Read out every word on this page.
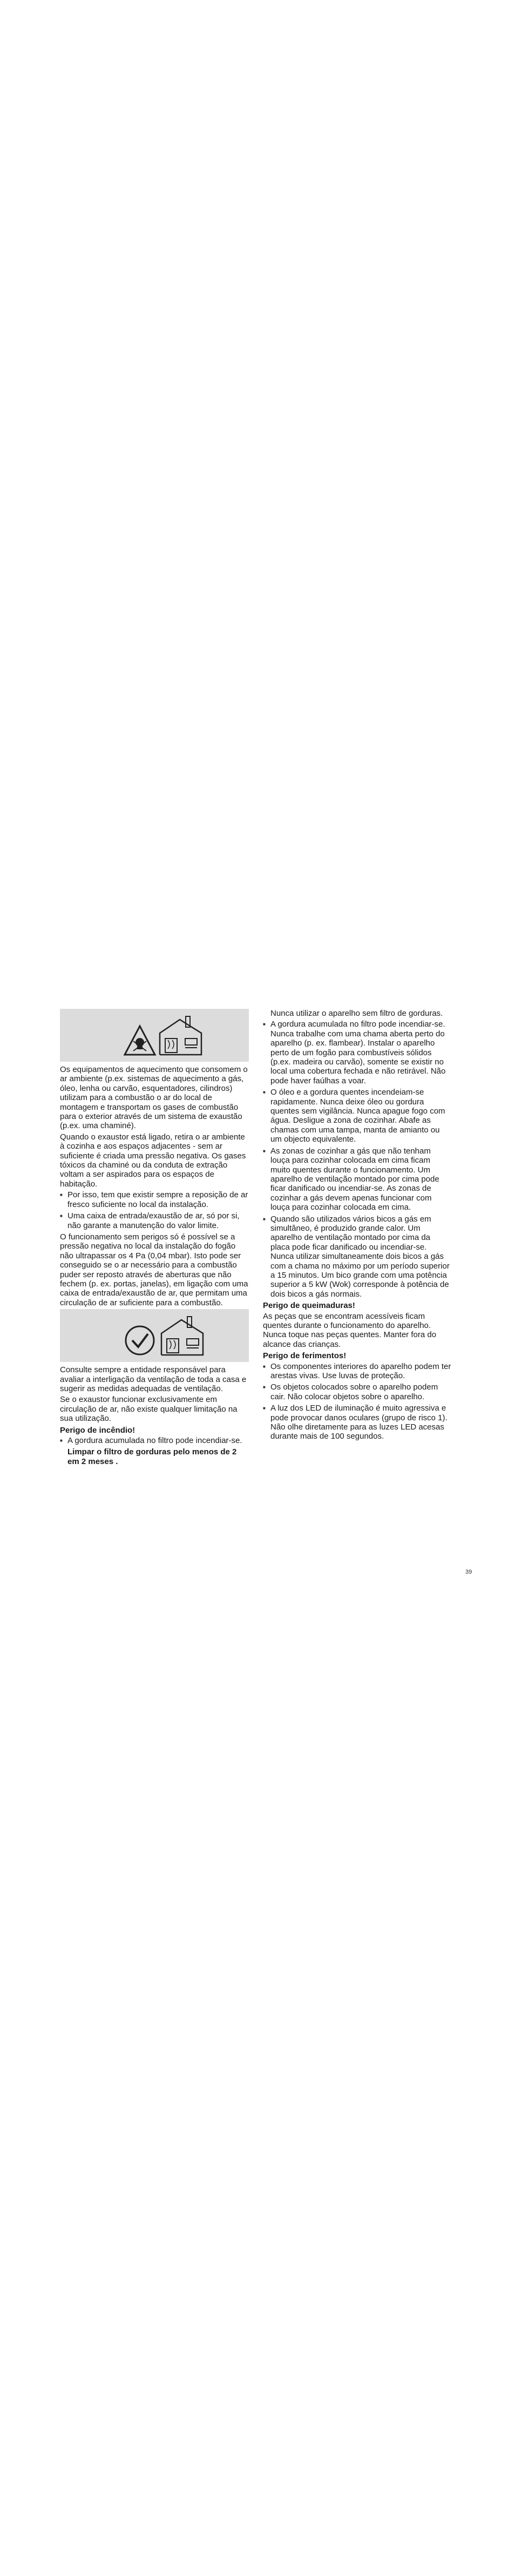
Os equipamentos de aquecimento que consomem o ar ambiente (p.ex. sistemas de aquecimento a gás, óleo, lenha ou carvão, esquentadores, cilindros) utilizam para a combustão o ar do local de montagem e transportam os gases de combustão para o exterior através de um sistema de exaustão (p.ex. uma chaminé).

Quando o exaustor está ligado, retira o ar ambiente à cozinha e aos espaços adjacentes - sem ar suficiente é criada uma pressão negativa. Os gases tóxicos da chaminé ou da conduta de extração voltam a ser aspirados para os espaços de habitação.

■ Por isso, tem que existir sempre a reposição de ar fresco suficiente no local da instalação.
■ Uma caixa de entrada/exaustão de ar, só por si, não garante a manutenção do valor limite.

O funcionamento sem perigos só é possível se a pressão negativa no local da instalação do fogão não ultrapassar os 4 Pa (0,04 mbar). Isto pode ser conseguido se o ar necessário para a combustão puder ser reposto através de aberturas que não fechem (p. ex. portas, janelas), em ligação com uma caixa de entrada/exaustão de ar, que permitam uma circulação de ar suficiente para a combustão.

Consulte sempre a entidade responsável para avaliar a interligação da ventilação de toda a casa e sugerir as medidas adequadas de ventilação.

Se o exaustor funcionar exclusivamente em circulação de ar, não existe qualquer limitação na sua utilização.

Perigo de incêndio!
■ A gordura acumulada no filtro pode incendiar-se.
Limpar o filtro de gorduras pelo menos de 2 em 2 meses .

Nunca utilizar o aparelho sem filtro de gorduras.

■ A gordura acumulada no filtro pode incendiar-se. Nunca trabalhe com uma chama aberta perto do aparelho (p. ex. flambear). Instalar o aparelho perto de um fogão para combustíveis sólidos (p.ex. madeira ou carvão), somente se existir no local uma cobertura fechada e não retirável. Não pode haver faúlhas a voar.
■ O óleo e a gordura quentes incendeiam-se rapidamente. Nunca deixe óleo ou gordura quentes sem vigilância. Nunca apague fogo com água. Desligue a zona de cozinhar. Abafe as chamas com uma tampa, manta de amianto ou um objecto equivalente.
■ As zonas de cozinhar a gás que não tenham louça para cozinhar colocada em cima ficam muito quentes durante o funcionamento. Um aparelho de ventilação montado por cima pode ficar danificado ou incendiar-se. As zonas de cozinhar a gás devem apenas funcionar com louça para cozinhar colocada em cima.
■ Quando são utilizados vários bicos a gás em simultâneo, é produzido grande calor. Um aparelho de ventilação montado por cima da placa pode ficar danificado ou incendiar-se. Nunca utilizar simultaneamente dois bicos a gás com a chama no máximo por um período superior a 15 minutos. Um bico grande com uma potência superior a 5 kW (Wok) corresponde à potência de dois bicos a gás normais.
Perigo de queimaduras!

As peças que se encontram acessíveis ficam quentes durante o funcionamento do aparelho. Nunca toque nas peças quentes. Manter fora do alcance das crianças.

Perigo de ferimentos!
■ Os componentes interiores do aparelho podem ter arestas vivas. Use luvas de proteção.
■ Os objetos colocados sobre o aparelho podem cair. Não colocar objetos sobre o aparelho.
■ A luz dos LED de iluminação é muito agressiva e pode provocar danos oculares (grupo de risco 1). Não olhe diretamente para as luzes LED acesas durante mais de 100 segundos.
39
